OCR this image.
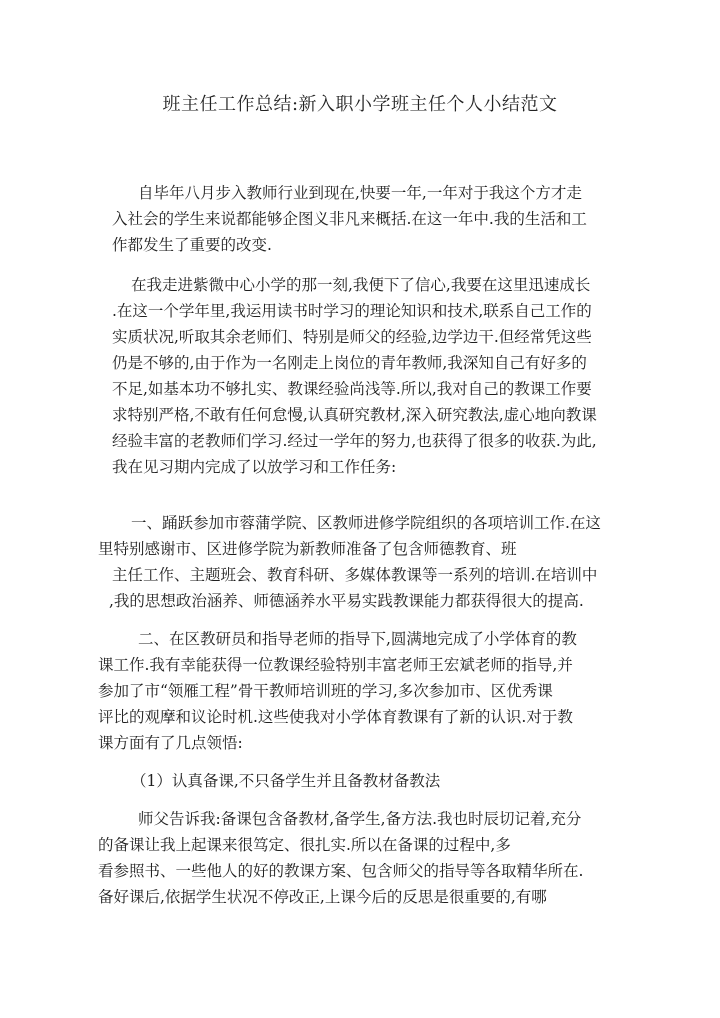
班主任工作总结:新入职小学班主任个人小结范文
自毕年八月步入教师行业到现在,快要一年,一年对于我这个方才走
入社会的学生来说都能够企图义非凡来概括.在这一年中.我的生活和工
作都发生了重要的改变.
在我走进紫微中心小学的那一刻,我便下了信心,我要在这里迅速成长
.在这一个学年里,我运用读书时学习的理论知识和技术,联系自己工作的
实质状况,听取其余老师们、特别是师父的经验,边学边干.但经常凭这些
仍是不够的,由于作为一名刚走上岗位的青年教师,我深知自己有好多的
不足,如基本功不够扎实、教课经验尚浅等.所以,我对自己的教课工作要
求特别严格,不敢有任何怠慢,认真研究教材,深入研究教法,虚心地向教课
经验丰富的老教师们学习.经过一学年的努力,也获得了很多的收获.为此,
我在见习期内完成了以放学习和工作任务:
一、踊跃参加市蓉蒲学院、区教师进修学院组织的各项培训工作.在这
里特别感谢市、区进修学院为新教师准备了包含师德教育、班
主任工作、主题班会、教育科研、多媒体教课等一系列的培训.在培训中
,我的思想政治涵养、师德涵养水平易实践教课能力都获得很大的提高.
二、在区教研员和指导老师的指导下,圆满地完成了小学体育的教
课工作.我有幸能获得一位教课经验特别丰富老师王宏斌老师的指导,并
参加了市“领雁工程”骨干教师培训班的学习,多次参加市、区优秀课
评比的观摩和议论时机.这些使我对小学体育教课有了新的认识.对于教
课方面有了几点领悟:
（1）认真备课,不只备学生并且备教材备教法
师父告诉我:备课包含备教材,备学生,备方法.我也时辰切记着,充分
的备课让我上起课来很笃定、很扎实.所以在备课的过程中,多
看参照书、一些他人的好的教课方案、包含师父的指导等各取精华所在.
备好课后,依据学生状况不停改正,上课今后的反思是很重要的,有哪
